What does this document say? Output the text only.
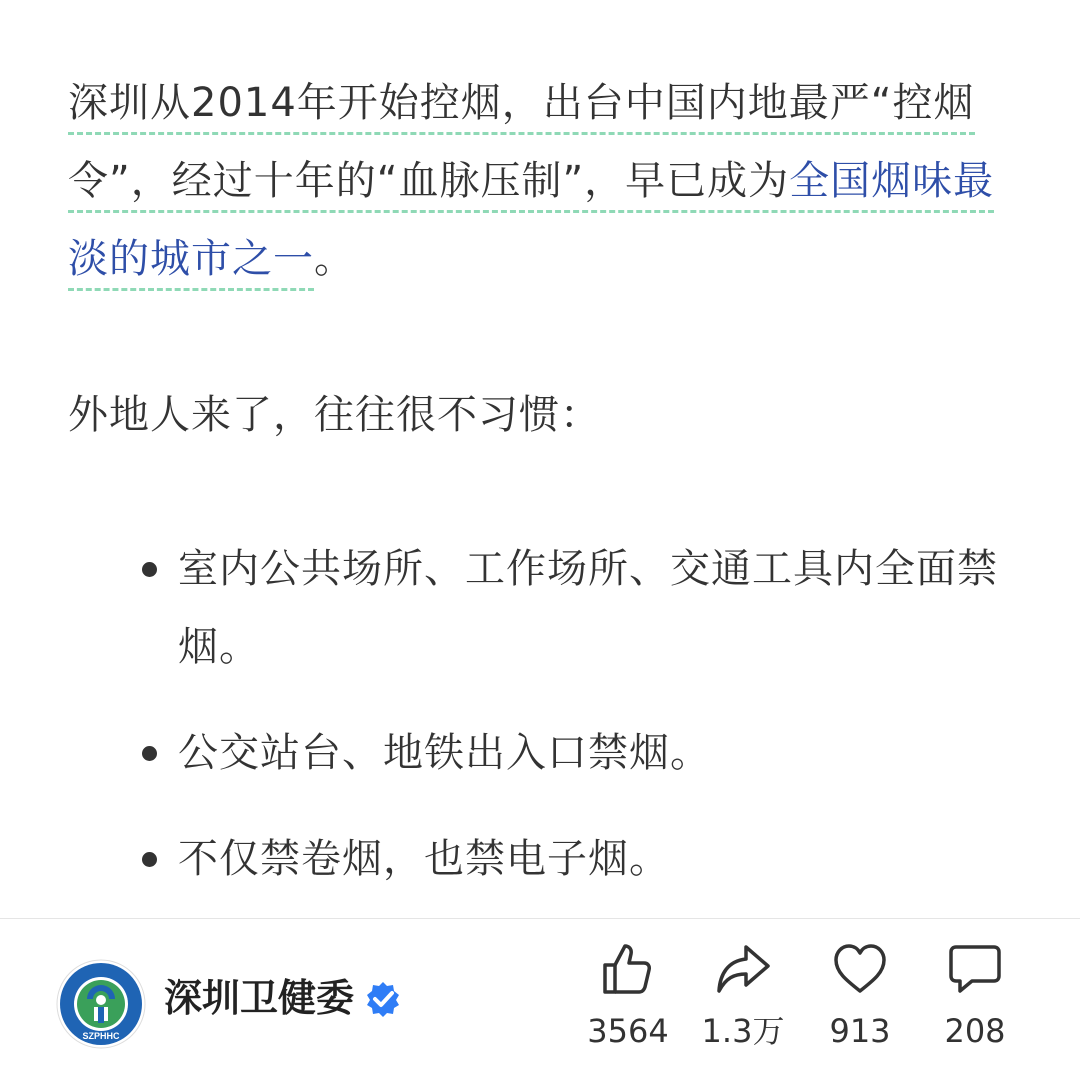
深圳从2014年开始控烟，出台中国内地最严“控烟令”，经过十年的“血脉压制”，早已成为全国烟味最淡的城市之一。

外地人来了，往往很不习惯：

室内公共场所、工作场所、交通工具内全面禁烟。
公交站台、地铁出入口禁烟。
不仅禁卷烟，也禁电子烟。
SZPHHC
深圳卫健委
3564	1.3万	913	208
